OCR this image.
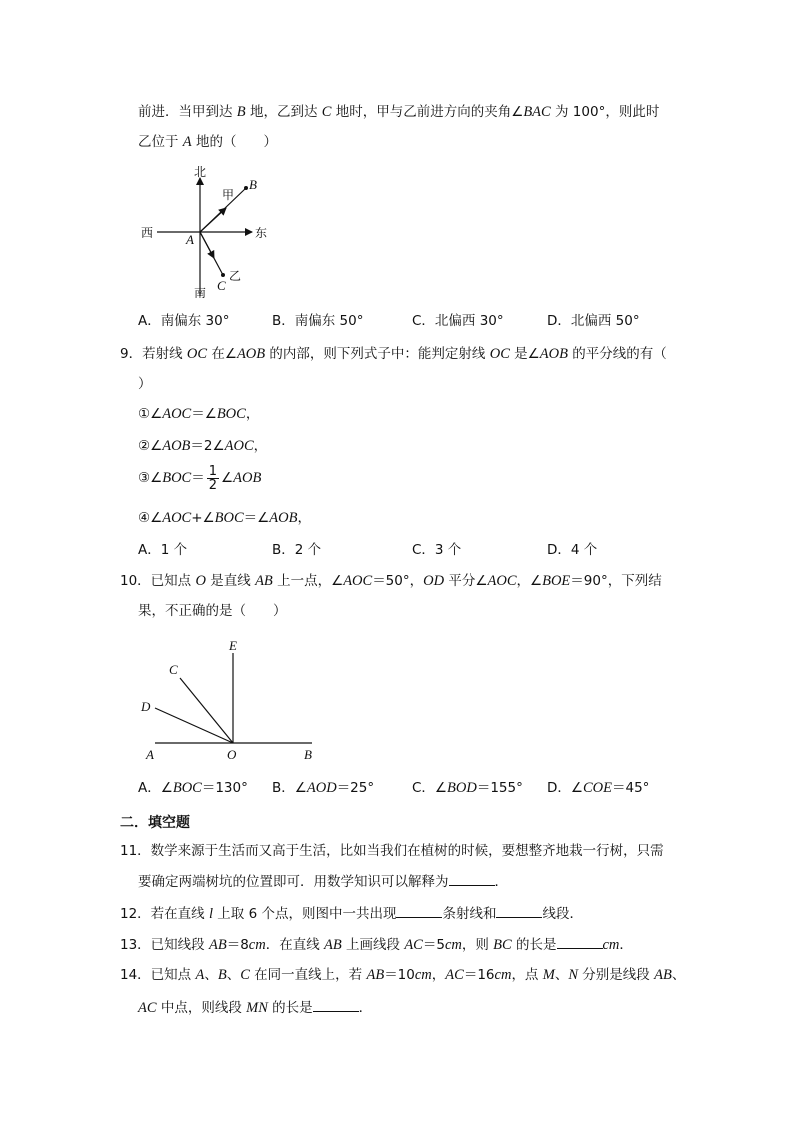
前进．当甲到达 B 地，乙到达 C 地时，甲与乙前进方向的夹角∠BAC 为 100°，则此时
乙位于 A 地的（　　）
北
南
西	东
甲
乙
A
B
C
A．南偏东 30°	B．南偏东 50°	C．北偏西 30°	D．北偏西 50°
9．若射线 OC 在∠AOB 的内部，则下列式子中：能判定射线 OC 是∠AOB 的平分线的有（
）
①∠AOC＝∠BOC，
②∠AOB＝2∠AOC，
③∠BOC＝ $\frac{1}{2}$ ∠AOB
④∠AOC+∠BOC＝∠AOB，
A．1 个	B．2 个	C．3 个	D．4 个
10．已知点 O 是直线 AB 上一点，∠AOC＝50°，OD 平分∠AOC，∠BOE＝90°，下列结
果，不正确的是（　　）
E
C
D
A	O	B
A．∠BOC＝130° B．∠AOD＝25°	C．∠BOD＝155° D．∠COE＝45°
二．填空题
11．数学来源于生活而又高于生活，比如当我们在植树的时候，要想整齐地栽一行树，只需
要确定两端树坑的位置即可．用数学知识可以解释为	．
12．若在直线 l 上取 6 个点，则图中一共出现	条射线和	线段．
13．已知线段 AB＝8cm．在直线 AB 上画线段 AC＝5cm，则 BC 的长是	cm．
14．已知点 A、B、C 在同一直线上，若 AB＝10cm，AC＝16cm，点 M、N 分别是线段 AB、
AC 中点，则线段 MN 的长是	．
